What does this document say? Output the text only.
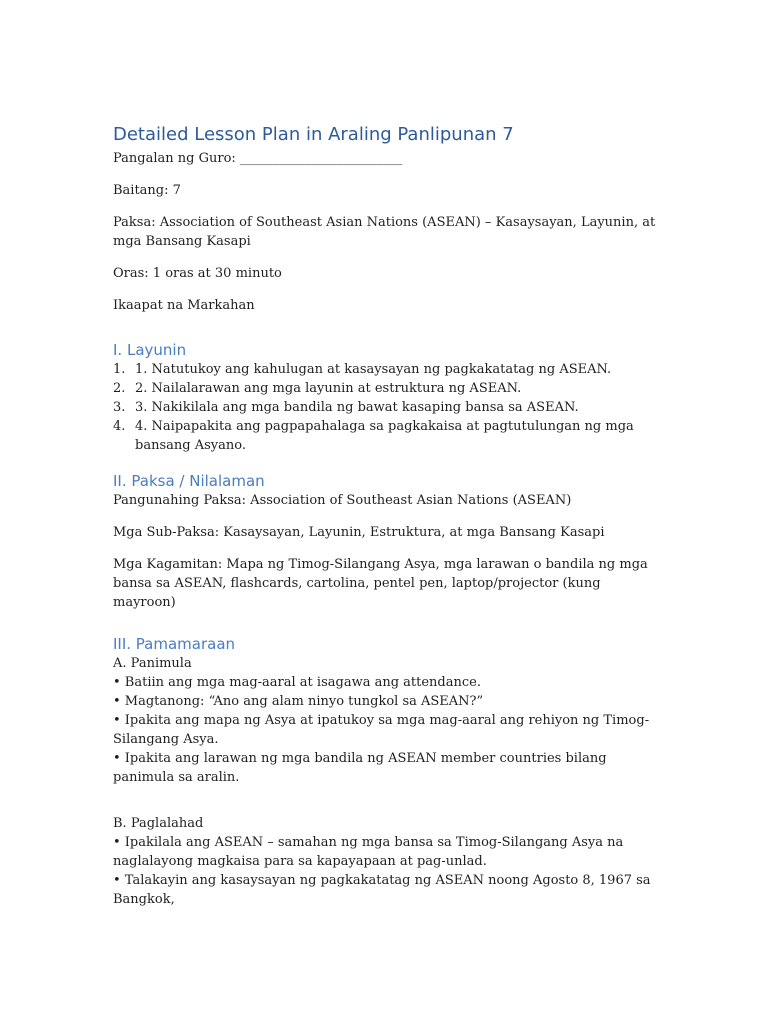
Detailed Lesson Plan in Araling Panlipunan 7

Pangalan ng Guro: _________________________

Baitang: 7

Paksa: Association of Southeast Asian Nations (ASEAN) – Kasaysayan, Layunin, at mga Bansang Kasapi

Oras: 1 oras at 30 minuto

Ikaapat na Markahan

I. Layunin
1. 1. Natutukoy ang kahulugan at kasaysayan ng pagkakatatag ng ASEAN.
2. 2. Nailalarawan ang mga layunin at estruktura ng ASEAN.
3. 3. Nakikilala ang mga bandila ng bawat kasaping bansa sa ASEAN.
4. 4. Naipapakita ang pagpapahalaga sa pagkakaisa at pagtutulungan ng mga bansang Asyano.
II. Paksa / Nilalaman

Pangunahing Paksa: Association of Southeast Asian Nations (ASEAN)

Mga Sub-Paksa: Kasaysayan, Layunin, Estruktura, at mga Bansang Kasapi

Mga Kagamitan: Mapa ng Timog-Silangang Asya, mga larawan o bandila ng mga bansa sa ASEAN, flashcards, cartolina, pentel pen, laptop/projector (kung mayroon)

III. Pamamaraan

A. Panimula

• Batiin ang mga mag-aaral at isagawa ang attendance.

• Magtanong: “Ano ang alam ninyo tungkol sa ASEAN?”

• Ipakita ang mapa ng Asya at ipatukoy sa mga mag-aaral ang rehiyon ng Timog-Silangang Asya.

• Ipakita ang larawan ng mga bandila ng ASEAN member countries bilang panimula sa aralin.

B. Paglalahad

• Ipakilala ang ASEAN – samahan ng mga bansa sa Timog-Silangang Asya na naglalayong magkaisa para sa kapayapaan at pag-unlad.

• Talakayin ang kasaysayan ng pagkakatatag ng ASEAN noong Agosto 8, 1967 sa Bangkok,
